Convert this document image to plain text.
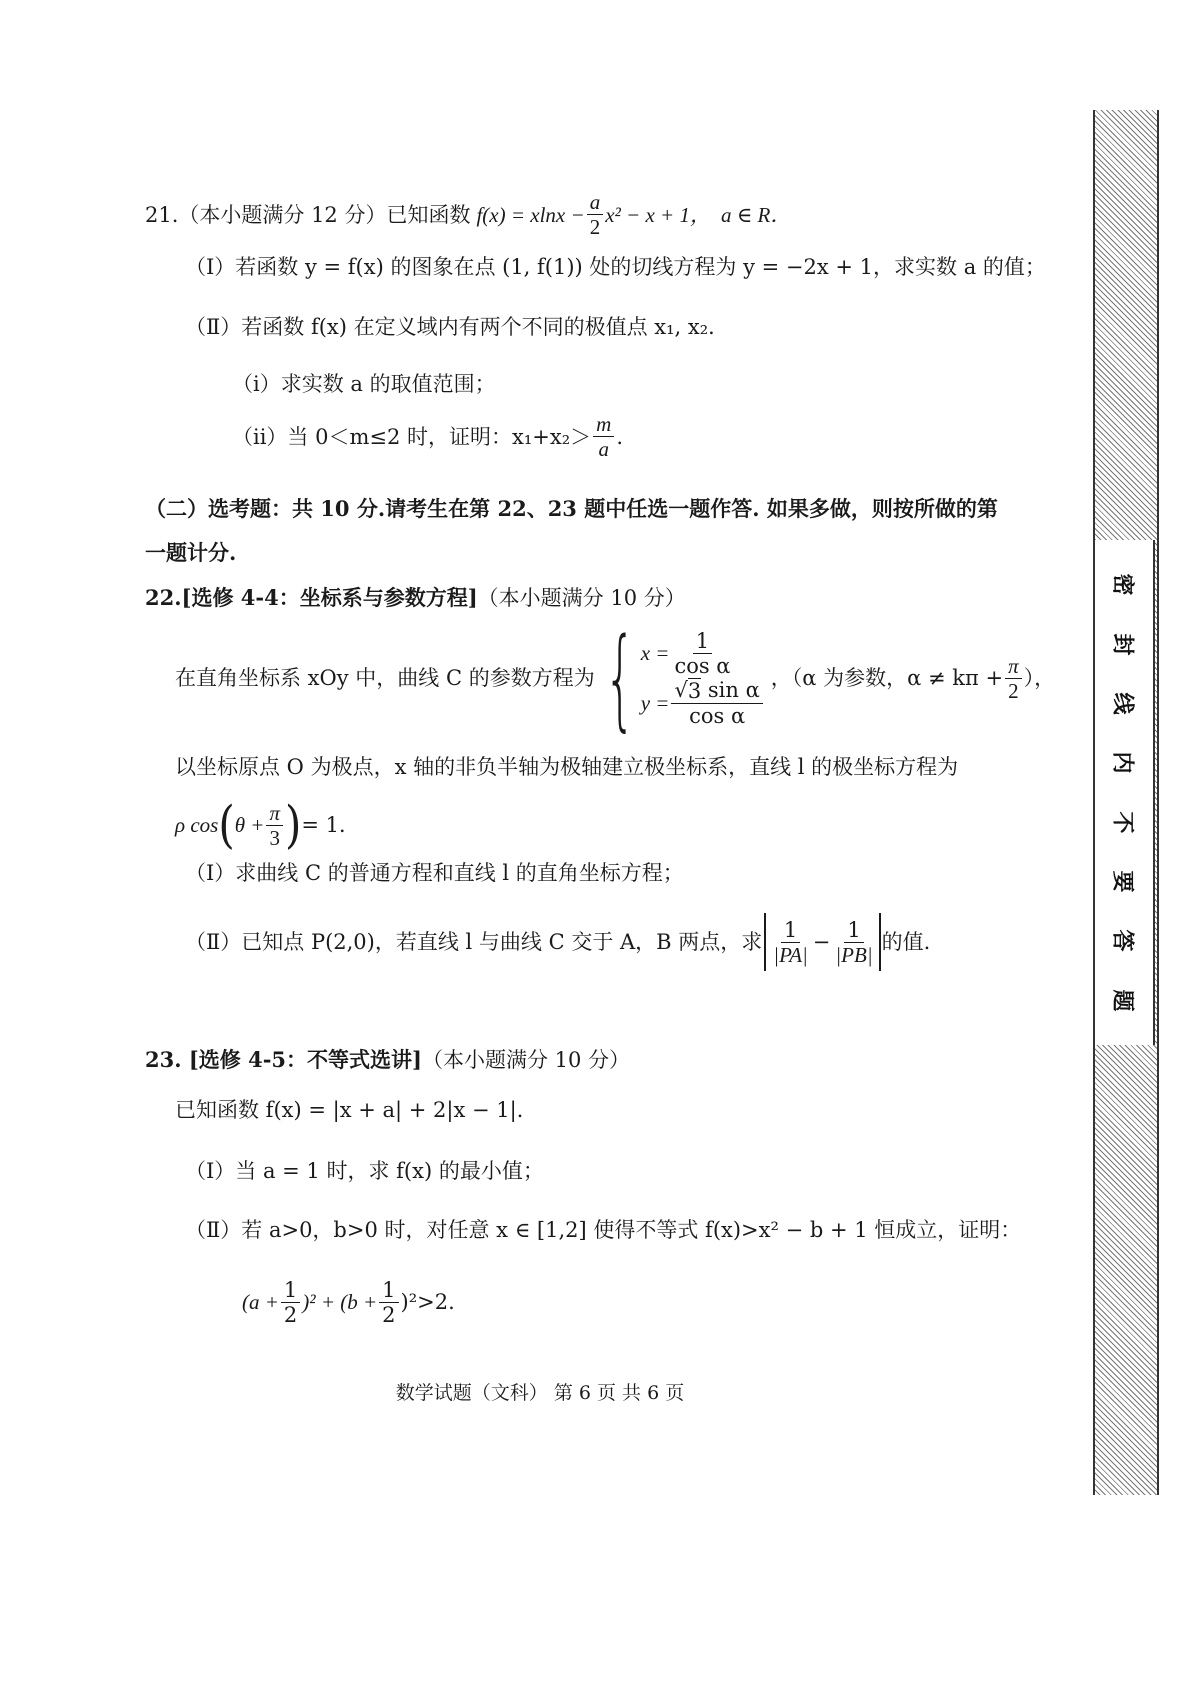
21.（本小题满分 12 分）已知函数 $f(x) = xlnx - \frac{a}{2} x^2 - x + 1$， a ∈ R．
（Ⅰ）若函数 y = f(x) 的图象在点 (1, f(1)) 处的切线方程为 y = −2x + 1，求实数 a 的值；
（Ⅱ）若函数 f(x) 在定义域内有两个不同的极值点 x₁, x₂．
（i）求实数 a 的取值范围；
（ii）当 0＜m≤2 时，证明：$x_1+x_2> \frac{m}{a}$ .
（二）选考题：共 10 分.请考生在第 22、23 题中任选一题作答. 如果多做，则按所做的第
一题计分.
22.[选修 4-4：坐标系与参数方程] （本小题满分 10 分）
在直角坐标系 xOy 中，曲线 C 的参数方程为 { $x = \frac{1}{\text{cos α}}$
$y = \frac{\text{√ 3 sin α}}{\text{cos α}}$ ，（α 为参数，$\alpha \ne k\pi + \frac{\pi}{2}$ ），
以坐标原点 O 为极点，x 轴的非负半轴为极轴建立极坐标系，直线 l 的极坐标方程为
ρ cos ( $\theta + \frac{\pi}{3}$ ) = 1．
（Ⅰ）求曲线 C 的普通方程和直线 l 的直角坐标方程；
（Ⅱ）已知点 P(2,0)，若直线 l 与曲线 C 交于 A，B 两点，求 $\frac{1}{|PA|} - \frac{1}{|PB|}$ 的值.
23. [选修 4-5：不等式选讲] （本小题满分 10 分）
已知函数 f(x) = |x + a| + 2|x − 1|．
（Ⅰ）当 a = 1 时，求 f(x) 的最小值；
（Ⅱ）若 a>0，b>0 时，对任意 x ∈ [1,2] 使得不等式 f(x)>x² − b + 1 恒成立，证明：
$(a + \frac{1}{2} )^2 + (b + \frac{1}{2} )^2>2$.
数学试题（文科） 第 6 页 共 6 页
密
封
线
内
不
要
答
题
